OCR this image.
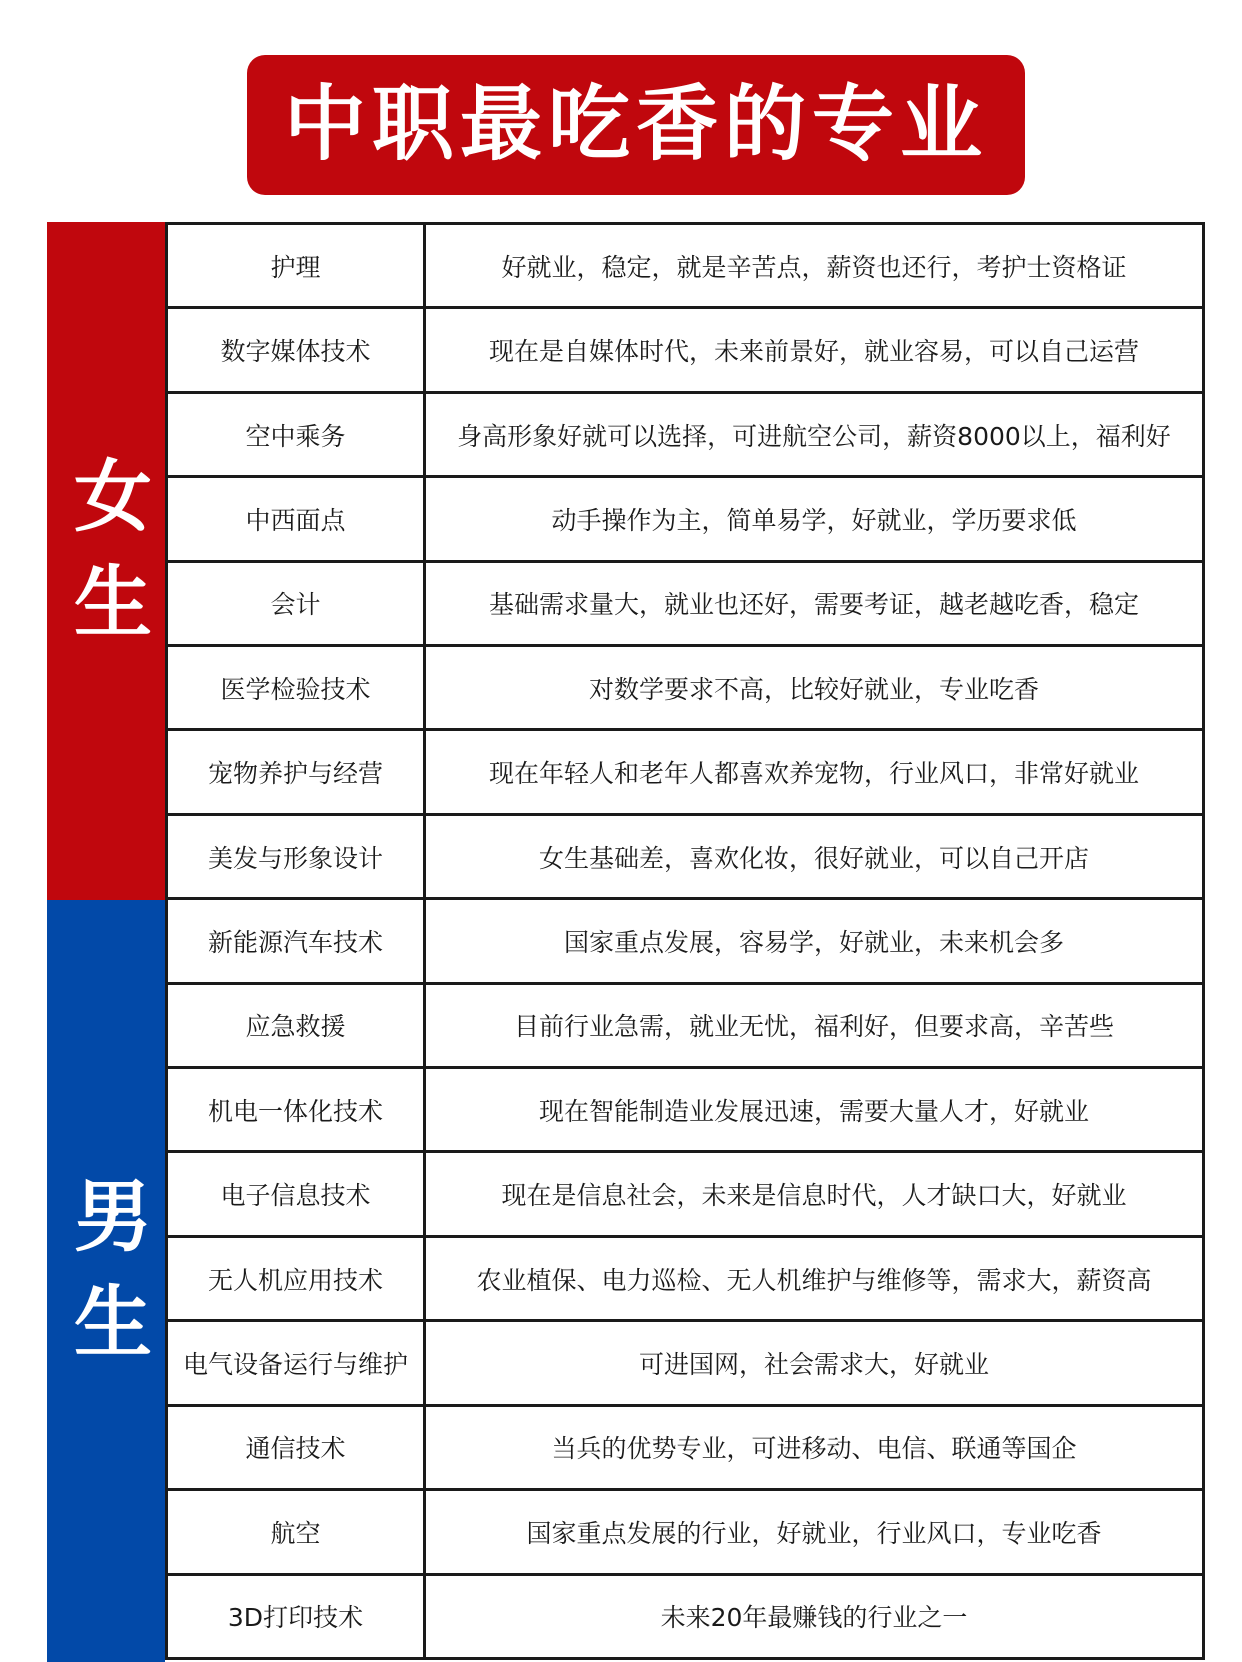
中职最吃香的专业
女生
男生
护理	好就业，稳定，就是辛苦点，薪资也还行，考护士资格证
数字媒体技术	现在是自媒体时代，未来前景好，就业容易，可以自己运营
空中乘务	身高形象好就可以选择，可进航空公司，薪资8000以上，福利好
中西面点	动手操作为主，简单易学，好就业，学历要求低
会计	基础需求量大，就业也还好，需要考证，越老越吃香，稳定
医学检验技术	对数学要求不高，比较好就业，专业吃香
宠物养护与经营	现在年轻人和老年人都喜欢养宠物，行业风口，非常好就业
美发与形象设计	女生基础差，喜欢化妆，很好就业，可以自己开店
新能源汽车技术	国家重点发展，容易学，好就业，未来机会多
应急救援	目前行业急需，就业无忧，福利好，但要求高，辛苦些
机电一体化技术	现在智能制造业发展迅速，需要大量人才，好就业
电子信息技术	现在是信息社会，未来是信息时代，人才缺口大，好就业
无人机应用技术	农业植保、电力巡检、无人机维护与维修等，需求大，薪资高
电气设备运行与维护	可进国网，社会需求大，好就业
通信技术	当兵的优势专业，可进移动、电信、联通等国企
航空	国家重点发展的行业，好就业，行业风口，专业吃香
3D打印技术	未来20年最赚钱的行业之一
